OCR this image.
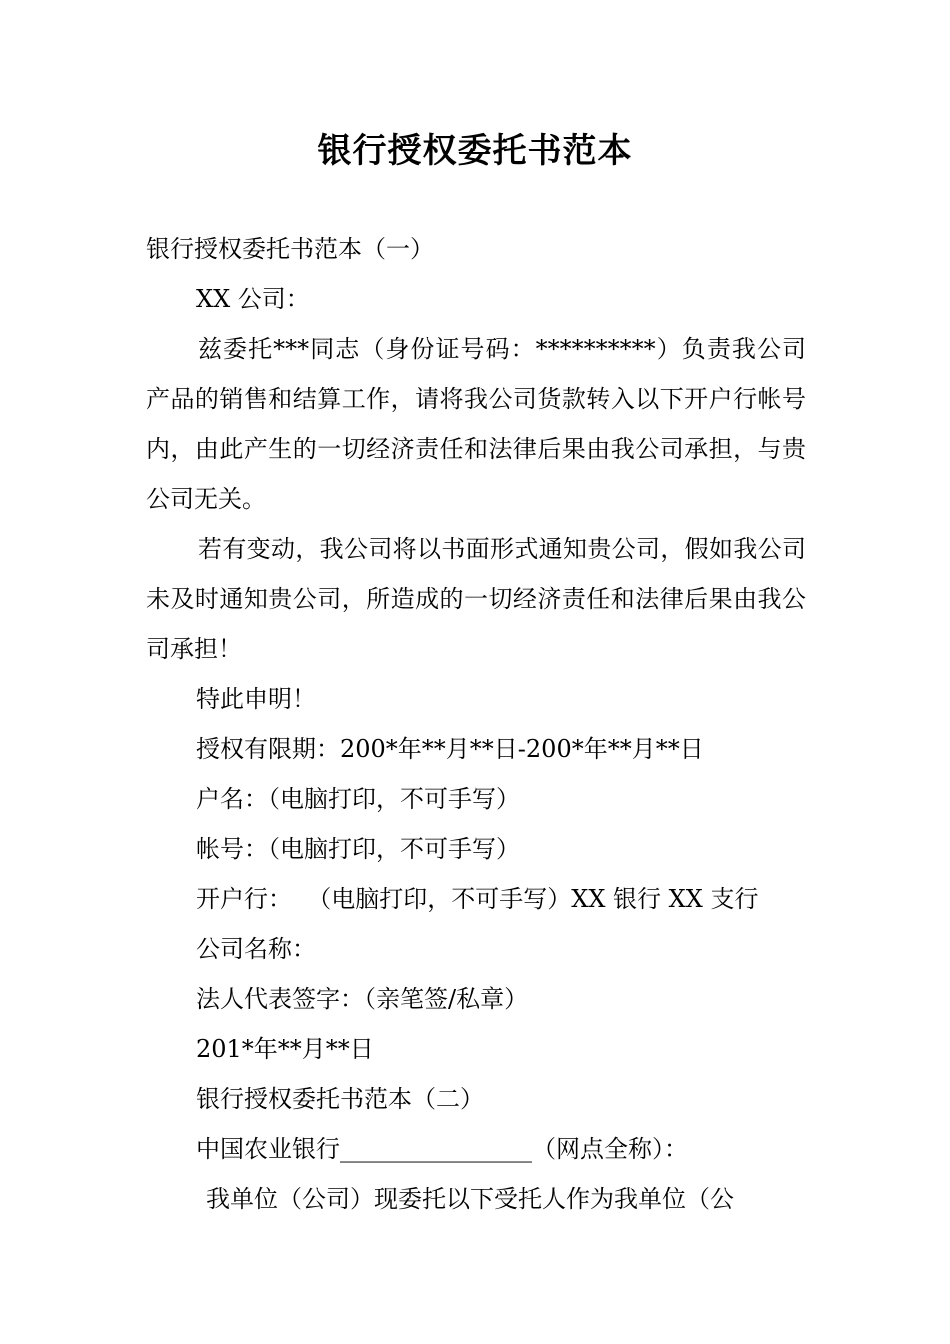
银行授权委托书范本

银行授权委托书范本（一）

XX 公司：

兹委托***同志（身份证号码：**********）负责我公司产品的销售和结算工作，请将我公司货款转入以下开户行帐号内，由此产生的一切经济责任和法律后果由我公司承担，与贵公司无关。

若有变动，我公司将以书面形式通知贵公司，假如我公司未及时通知贵公司，所造成的一切经济责任和法律后果由我公司承担！

特此申明！

授权有限期：200*年**月**日-200*年**月**日

户名：（电脑打印，不可手写）

帐号：（电脑打印，不可手写）

开户行：  （电脑打印，不可手写）XX 银行 XX 支行

公司名称：

法人代表签字：（亲笔签/私章）

201*年**月**日

银行授权委托书范本（二）

中国农业银行________________（网点全称）：

我单位（公司）现委托以下受托人作为我单位（公
